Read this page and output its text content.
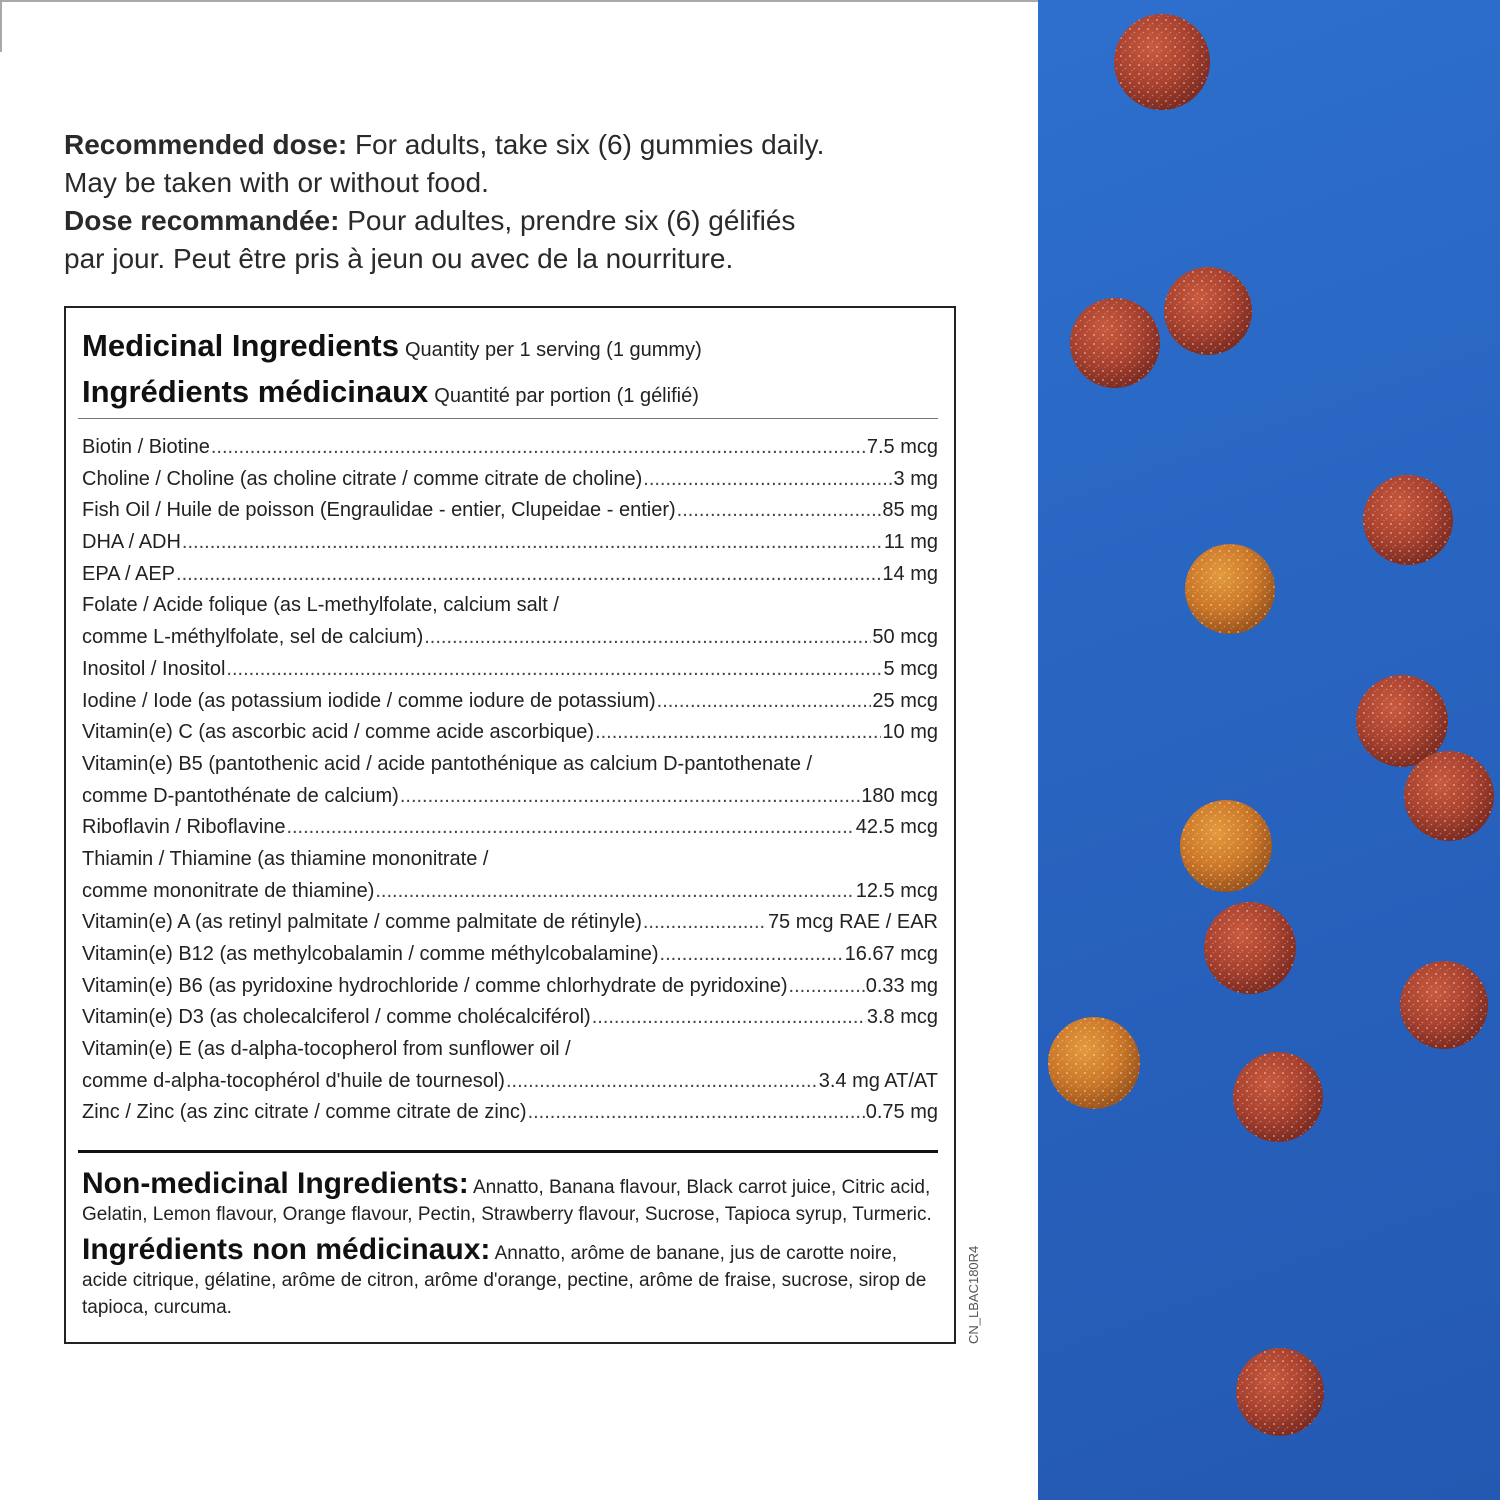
Recommended dose: For adults, take six (6) gummies daily.
May be taken with or without food.
Dose recommandée: Pour adultes, prendre six (6) gélifiés
par jour. Peut être pris à jeun ou avec de la nourriture.
Medicinal Ingredients Quantity per 1 serving (1 gummy)
Ingrédients médicinaux Quantité par portion (1 gélifié)
Biotin / Biotine .....	7.5 mcg
Choline / Choline (as choline citrate / comme citrate de choline) .....	3 mg
Fish Oil / Huile de poisson (Engraulidae - entier, Clupeidae - entier) .....	85 mg
DHA / ADH .....	11 mg
EPA / AEP .....	14 mg
Folate / Acide folique (as L-methylfolate, calcium salt /
comme L-méthylfolate, sel de calcium) .....	50 mcg
Inositol / Inositol .....	5 mcg
Iodine / Iode (as potassium iodide / comme iodure de potassium) .....	25 mcg
Vitamin(e) C (as ascorbic acid / comme acide ascorbique) .....	10 mg
Vitamin(e) B5 (pantothenic acid / acide pantothénique as calcium D-pantothenate /
comme D-pantothénate de calcium) .....	180 mcg
Riboflavin / Riboflavine .....	42.5 mcg
Thiamin / Thiamine (as thiamine mononitrate /
comme mononitrate de thiamine) .....	12.5 mcg
Vitamin(e) A (as retinyl palmitate / comme palmitate de rétinyle) .....	75 mcg RAE / EAR
Vitamin(e) B12 (as methylcobalamin / comme méthylcobalamine) .....	16.67 mcg
Vitamin(e) B6 (as pyridoxine hydrochloride / comme chlorhydrate de pyridoxine) .....	0.33 mg
Vitamin(e) D3 (as cholecalciferol / comme cholécalciférol) .....	3.8 mcg
Vitamin(e) E (as d-alpha-tocopherol from sunflower oil /
comme d-alpha-tocophérol d'huile de tournesol) .....	3.4 mg AT/AT
Zinc / Zinc (as zinc citrate / comme citrate de zinc) .....	0.75 mg

Non-medicinal Ingredients: Annatto, Banana flavour, Black carrot juice, Citric acid, Gelatin, Lemon flavour, Orange flavour, Pectin, Strawberry flavour, Sucrose, Tapioca syrup, Turmeric.

Ingrédients non médicinaux: Annatto, arôme de banane, jus de carotte noire, acide citrique, gélatine, arôme de citron, arôme d'orange, pectine, arôme de fraise, sucrose, sirop de tapioca, curcuma.	CN_LBAC180R4
